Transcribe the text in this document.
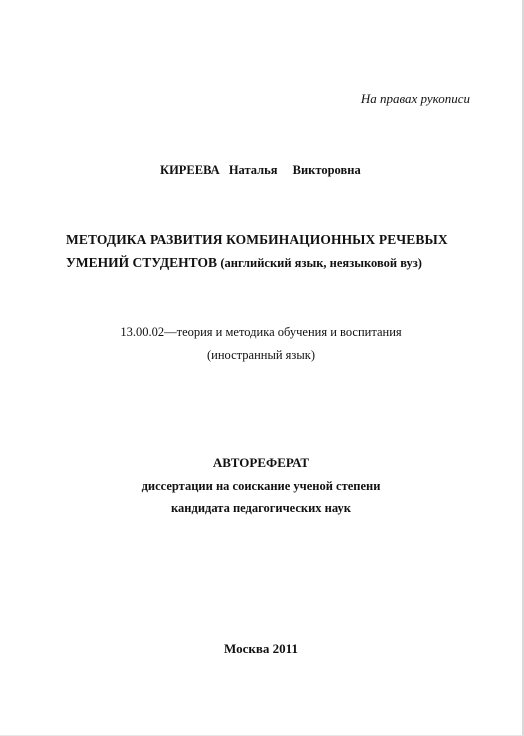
На правах рукописи
КИРЕЕВА Наталья Викторовна
МЕТОДИКА РАЗВИТИЯ КОМБИНАЦИОННЫХ РЕЧЕВЫХ
УМЕНИЙ СТУДЕНТОВ (английский язык, неязыковой вуз)
13.00.02—теория и методика обучения и воспитания
(иностранный язык)
АВТОРЕФЕРАТ
диссертации на соискание ученой степени
кандидата педагогических наук
Москва 2011
